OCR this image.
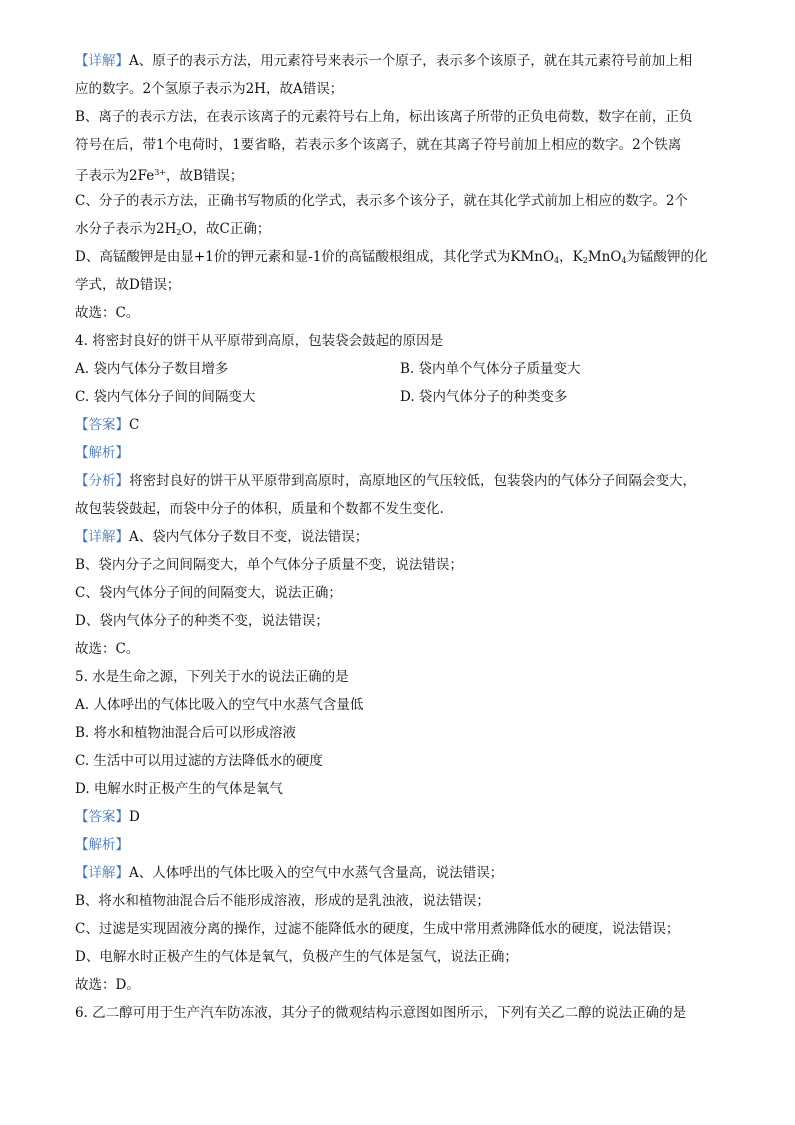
【详解】A、原子的表示方法，用元素符号来表示一个原子，表示多个该原子，就在其元素符号前加上相
应的数字。2个氢原子表示为2H，故A错误；
B、离子的表示方法，在表示该离子的元素符号右上角，标出该离子所带的正负电荷数，数字在前，正负
符号在后，带1个电荷时，1要省略，若表示多个该离子，就在其离子符号前加上相应的数字。2个铁离
子表示为$2Fe^{3+}$，故B错误；
C、分子的表示方法，正确书写物质的化学式，表示多个该分子，就在其化学式前加上相应的数字。2个
水分子表示为$2H_2O$，故C正确；
D、高锰酸钾是由显+1价的钾元素和显-1价的高锰酸根组成，其化学式为KMnO$_4$，$K_2MnO_4$为锰酸钾的化
学式，故D错误；
故选：C。
4. 将密封良好的饼干从平原带到高原，包装袋会鼓起的原因是
A. 袋内气体分子数目增多	B. 袋内单个气体分子质量变大
C. 袋内气体分子间的间隔变大	D. 袋内气体分子的种类变多
【答案】C
【解析】
【分析】将密封良好的饼干从平原带到高原时，高原地区的气压较低，包装袋内的气体分子间隔会变大，
故包装袋鼓起，而袋中分子的体积，质量和个数都不发生变化.
【详解】A、袋内气体分子数目不变，说法错误；
B、袋内分子之间间隔变大，单个气体分子质量不变，说法错误；
C、袋内气体分子间的间隔变大，说法正确；
D、袋内气体分子的种类不变，说法错误；
故选：C。
5. 水是生命之源，下列关于水的说法正确的是
A. 人体呼出的气体比吸入的空气中水蒸气含量低
B. 将水和植物油混合后可以形成溶液
C. 生活中可以用过滤的方法降低水的硬度
D. 电解水时正极产生的气体是氧气
【答案】D
【解析】
【详解】A、人体呼出的气体比吸入的空气中水蒸气含量高，说法错误；
B、将水和植物油混合后不能形成溶液，形成的是乳浊液，说法错误；
C、过滤是实现固液分离的操作，过滤不能降低水的硬度，生成中常用煮沸降低水的硬度，说法错误；
D、电解水时正极产生的气体是氧气，负极产生的气体是氢气，说法正确；
故选：D。
6. 乙二醇可用于生产汽车防冻液，其分子的微观结构示意图如图所示，下列有关乙二醇的说法正确的是
